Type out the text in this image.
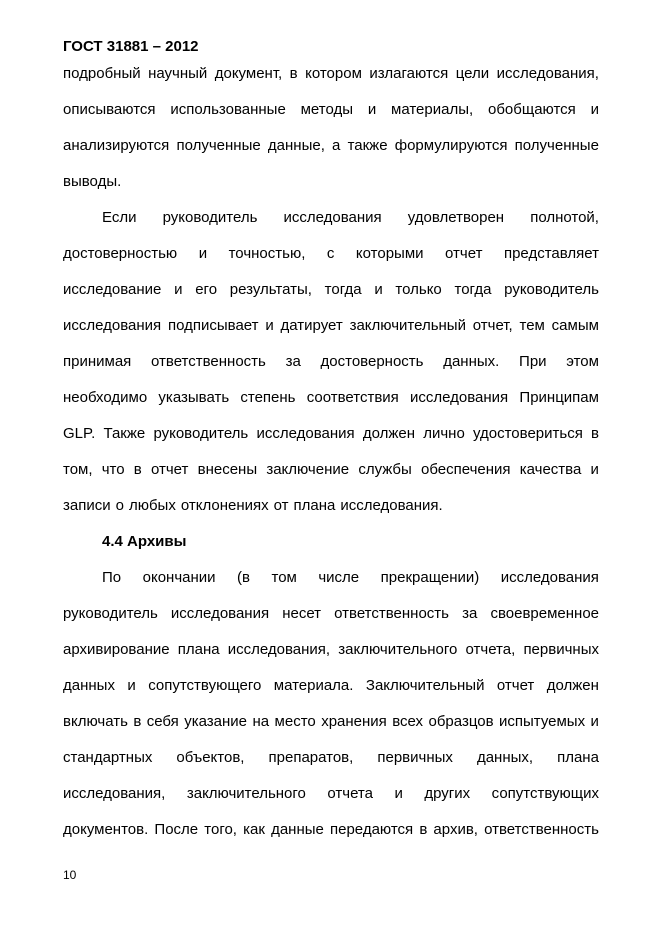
ГОСТ 31881 – 2012
подробный научный документ, в котором излагаются цели исследования,
описываются использованные методы и материалы, обобщаются и
анализируются полученные данные, а также формулируются полученные
выводы.
Если руководитель исследования удовлетворен полнотой,
достоверностью и точностью, с которыми отчет представляет
исследование и его результаты, тогда и только тогда руководитель
исследования подписывает и датирует заключительный отчет, тем самым
принимая ответственность за достоверность данных. При этом
необходимо указывать степень соответствия исследования Принципам
GLP. Также руководитель исследования должен лично удостовериться в
том, что в отчет внесены заключение службы обеспечения качества и
записи о любых отклонениях от плана исследования.
4.4 Архивы
По окончании (в том числе прекращении) исследования
руководитель исследования несет ответственность за своевременное
архивирование плана исследования, заключительного отчета, первичных
данных и сопутствующего материала. Заключительный отчет должен
включать в себя указание на место хранения всех образцов испытуемых и
стандартных объектов, препаратов, первичных данных, плана
исследования, заключительного отчета и других сопутствующих
документов. После того, как данные передаются в архив, ответственность
10
